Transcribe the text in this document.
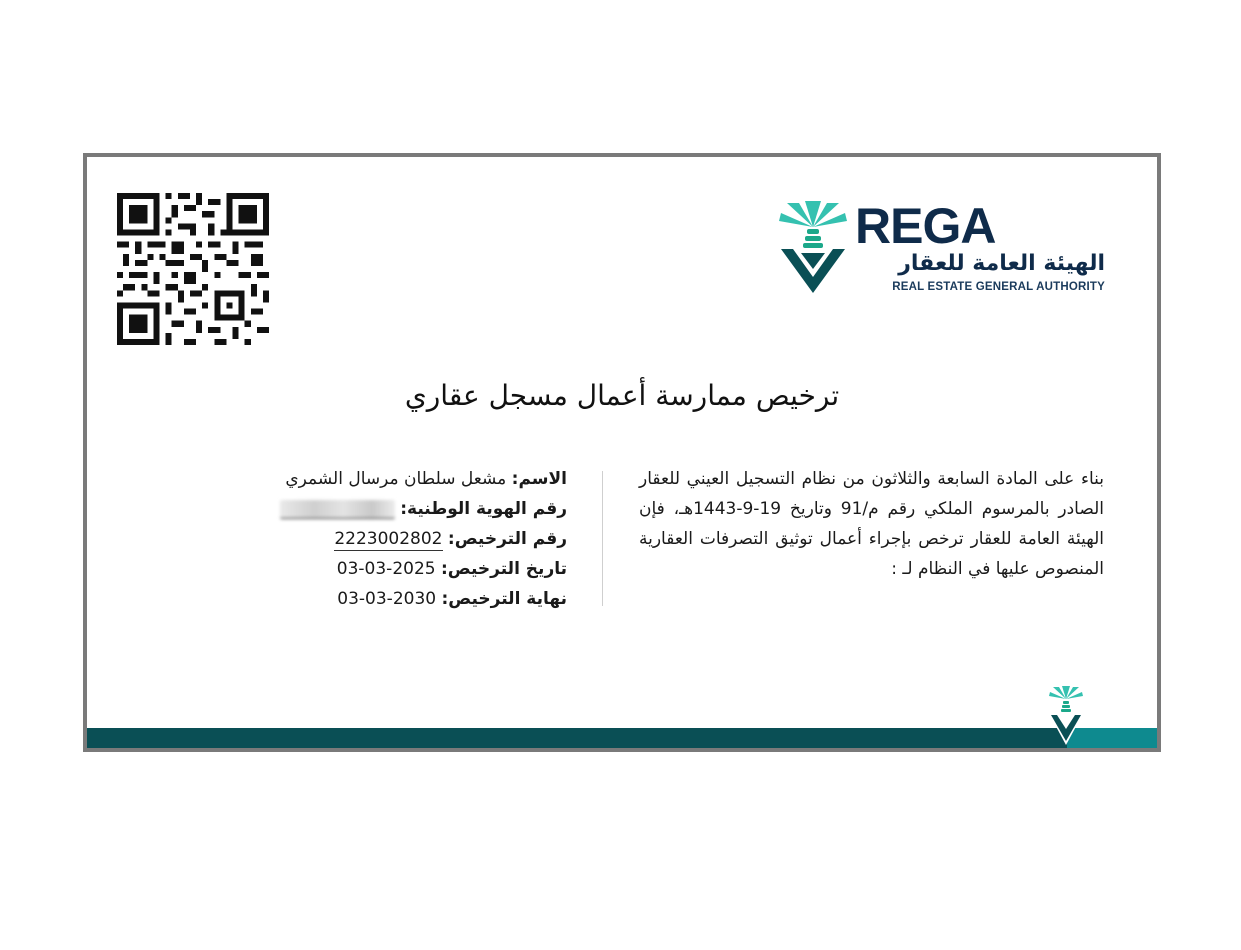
REGA
الهيئة العامة للعقار
REAL ESTATE GENERAL AUTHORITY
ترخيص ممارسة أعمال مسجل عقاري
بناء على المادة السابعة والثلاثون من نظام التسجيل العيني للعقار الصادر بالمرسوم الملكي رقم م/91 وتاريخ 19-9-1443هـ، فإن الهيئة العامة للعقار ترخص بإجراء أعمال توثيق التصرفات العقارية المنصوص عليها في النظام لـ :
الاسم: مشعل سلطان مرسال الشمري
رقم الهوية الوطنية:
رقم الترخيص: 2223002802
تاريخ الترخيص: 2025-03-03
نهاية الترخيص: 2030-03-03
